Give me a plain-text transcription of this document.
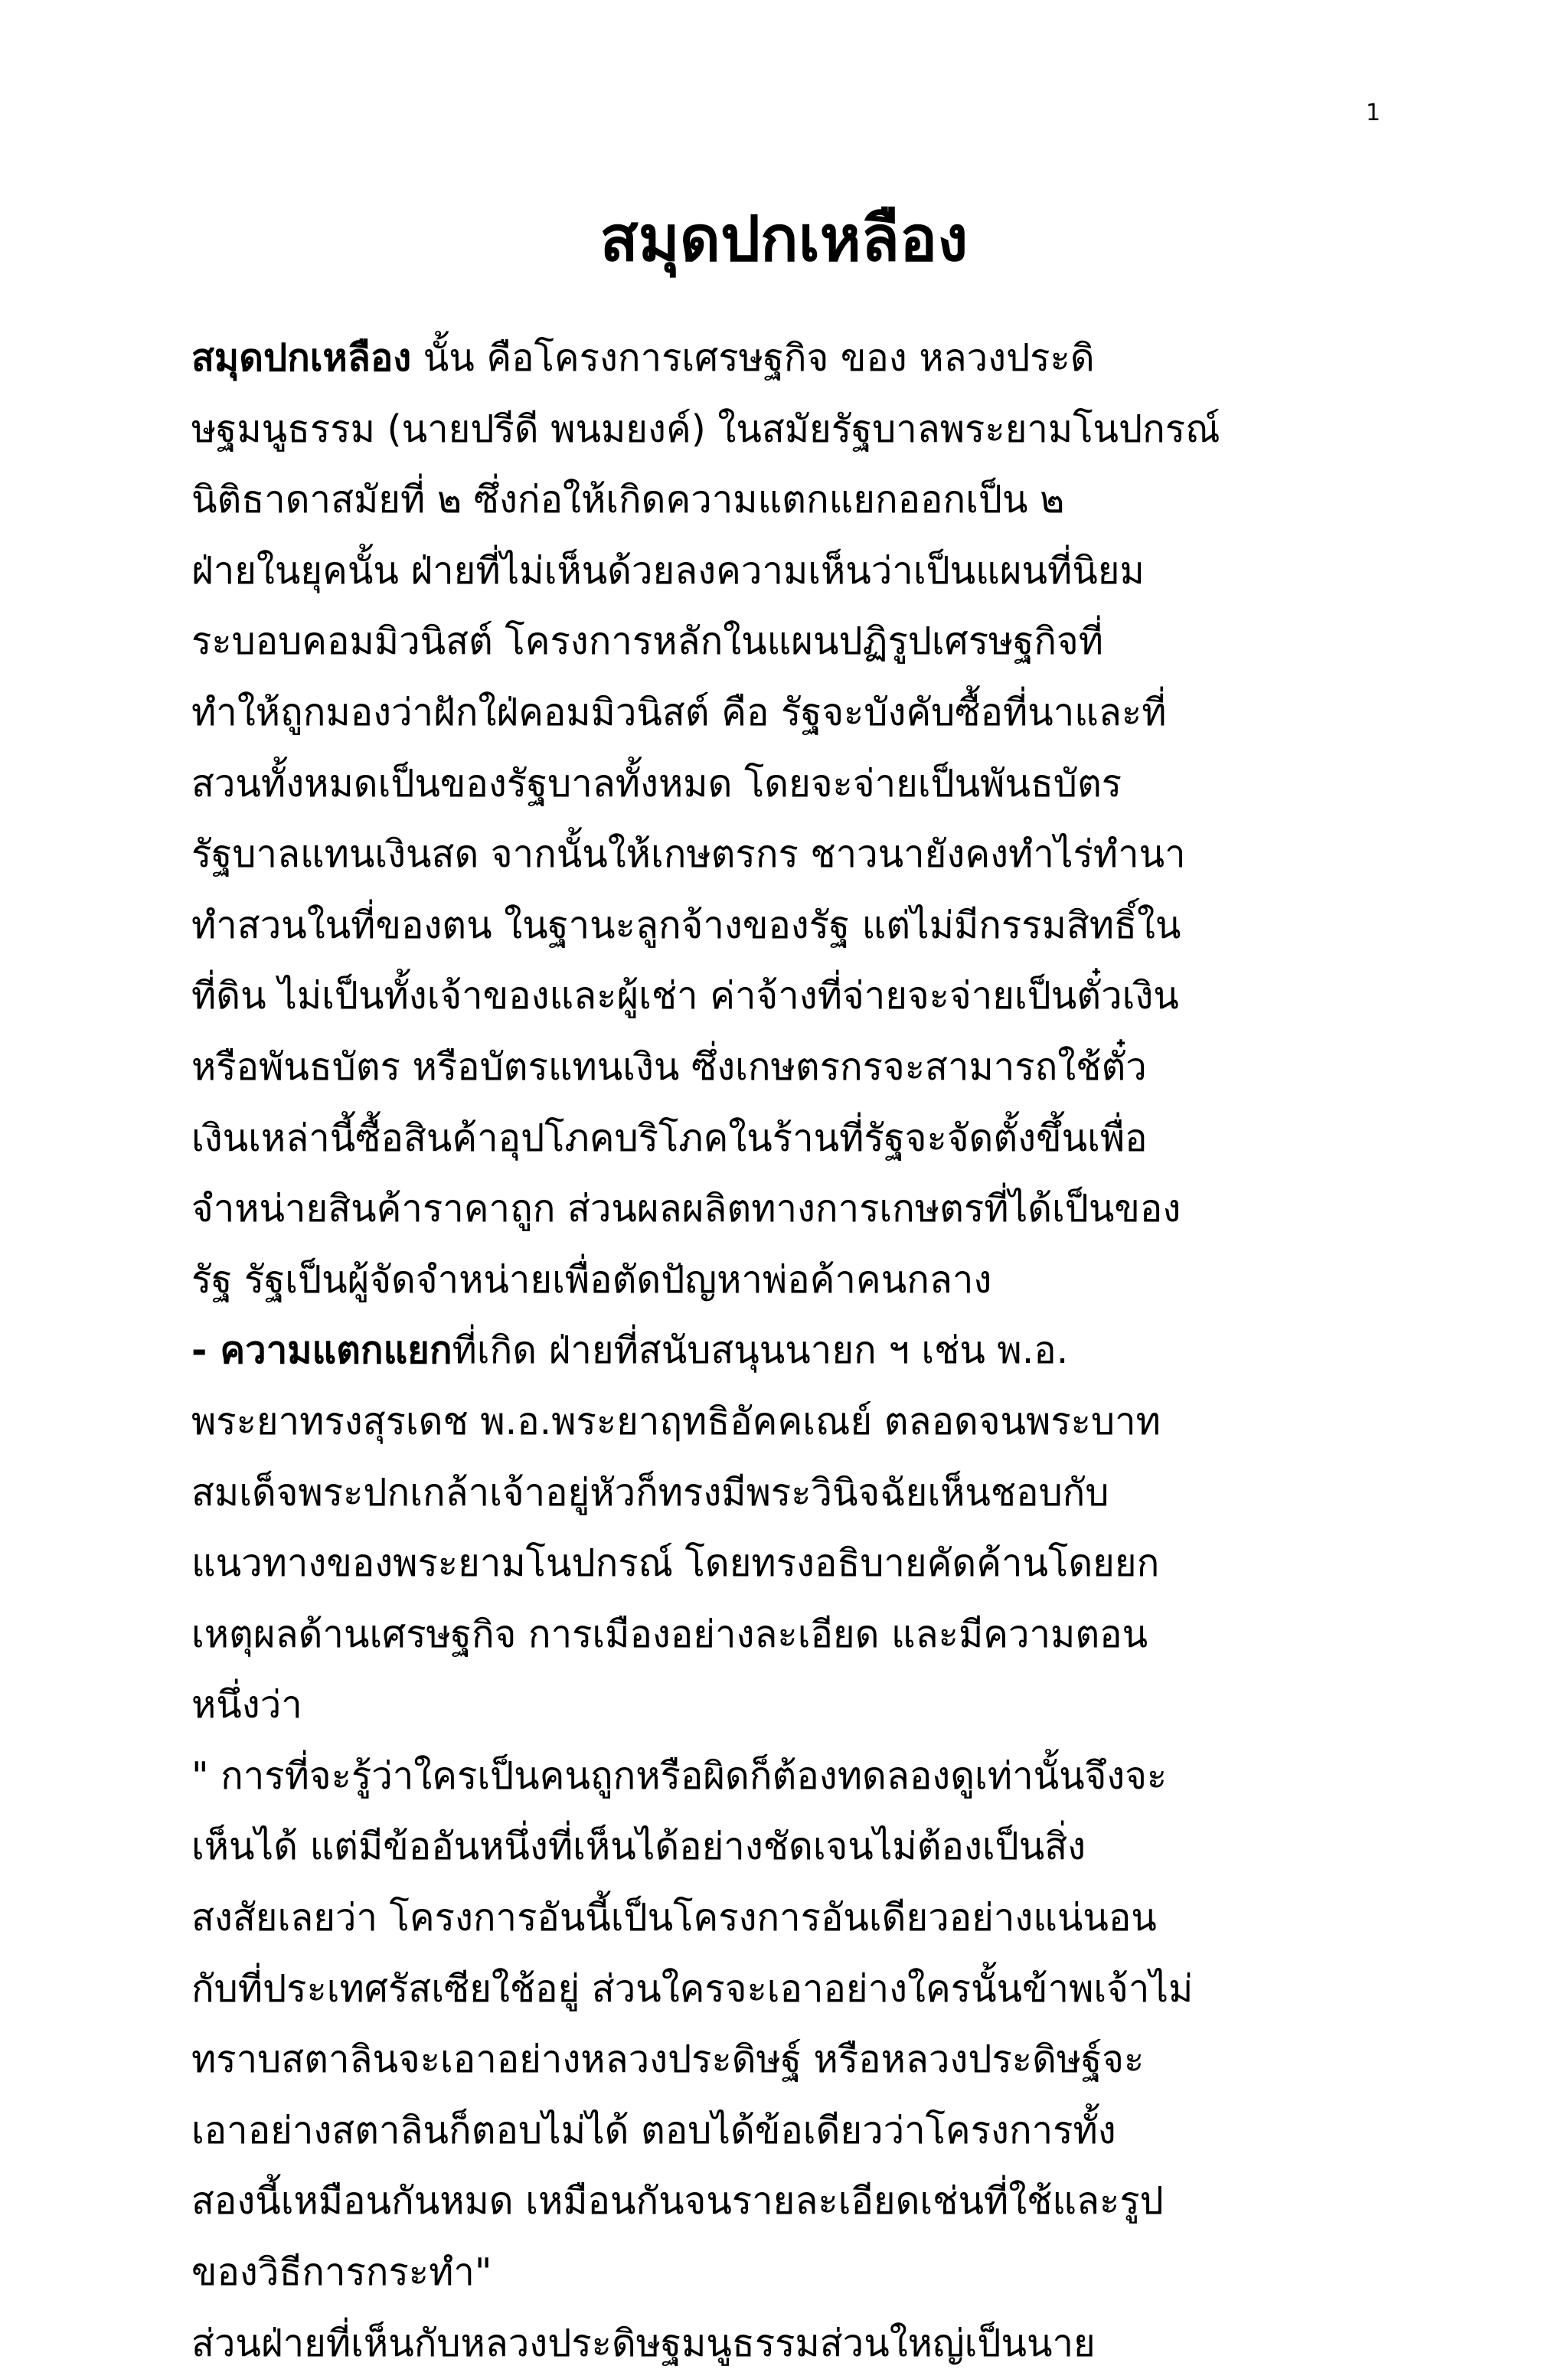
1
สมุดปกเหลือง
สมุดปกเหลือง นั้น คือโครงการเศรษฐกิจ ของ หลวงประดิ
ษฐมนูธรรม (นายปรีดี พนมยงค์) ในสมัยรัฐบาลพระยามโนปกรณ์
นิติธาดาสมัยที่ ๒ ซึ่งก่อให้เกิดความแตกแยกออกเป็น ๒
ฝ่ายในยุคนั้น ฝ่ายที่ไม่เห็นด้วยลงความเห็นว่าเป็นแผนที่นิยม
ระบอบคอมมิวนิสต์ โครงการหลักในแผนปฏิรูปเศรษฐกิจที่
ทำให้ถูกมองว่าฝักใฝ่คอมมิวนิสต์ คือ รัฐจะบังคับซื้อที่นาและที่
สวนทั้งหมดเป็นของรัฐบาลทั้งหมด โดยจะจ่ายเป็นพันธบัตร
รัฐบาลแทนเงินสด จากนั้นให้เกษตรกร ชาวนายังคงทำไร่ทำนา
ทำสวนในที่ของตน ในฐานะลูกจ้างของรัฐ แต่ไม่มีกรรมสิทธิ์ใน
ที่ดิน ไม่เป็นทั้งเจ้าของและผู้เช่า ค่าจ้างที่จ่ายจะจ่ายเป็นตั๋วเงิน
หรือพันธบัตร หรือบัตรแทนเงิน ซึ่งเกษตรกรจะสามารถใช้ตั๋ว
เงินเหล่านี้ซื้อสินค้าอุปโภคบริโภคในร้านที่รัฐจะจัดตั้งขึ้นเพื่อ
จำหน่ายสินค้าราคาถูก ส่วนผลผลิตทางการเกษตรที่ได้เป็นของ
รัฐ รัฐเป็นผู้จัดจำหน่ายเพื่อตัดปัญหาพ่อค้าคนกลาง
- ความแตกแยกที่เกิด ฝ่ายที่สนับสนุนนายก ฯ เช่น พ.อ.
พระยาทรงสุรเดช พ.อ.พระยาฤทธิอัคคเณย์ ตลอดจนพระบาท
สมเด็จพระปกเกล้าเจ้าอยู่หัวก็ทรงมีพระวินิจฉัยเห็นชอบกับ
แนวทางของพระยามโนปกรณ์ โดยทรงอธิบายคัดค้านโดยยก
เหตุผลด้านเศรษฐกิจ การเมืองอย่างละเอียด และมีความตอน
หนึ่งว่า
" การที่จะรู้ว่าใครเป็นคนถูกหรือผิดก็ต้องทดลองดูเท่านั้นจึงจะ
เห็นได้ แต่มีข้ออันหนึ่งที่เห็นได้อย่างชัดเจนไม่ต้องเป็นสิ่ง
สงสัยเลยว่า โครงการอันนี้เป็นโครงการอันเดียวอย่างแน่นอน
กับที่ประเทศรัสเซียใช้อยู่ ส่วนใครจะเอาอย่างใครนั้นข้าพเจ้าไม่
ทราบสตาลินจะเอาอย่างหลวงประดิษฐ์ หรือหลวงประดิษฐ์จะ
เอาอย่างสตาลินก็ตอบไม่ได้ ตอบได้ข้อเดียวว่าโครงการทั้ง
สองนี้เหมือนกันหมด เหมือนกันจนรายละเอียดเช่นที่ใช้และรูป
ของวิธีการกระทำ"
ส่วนฝ่ายที่เห็นกับหลวงประดิษฐมนูธรรมส่วนใหญ่เป็นนาย
